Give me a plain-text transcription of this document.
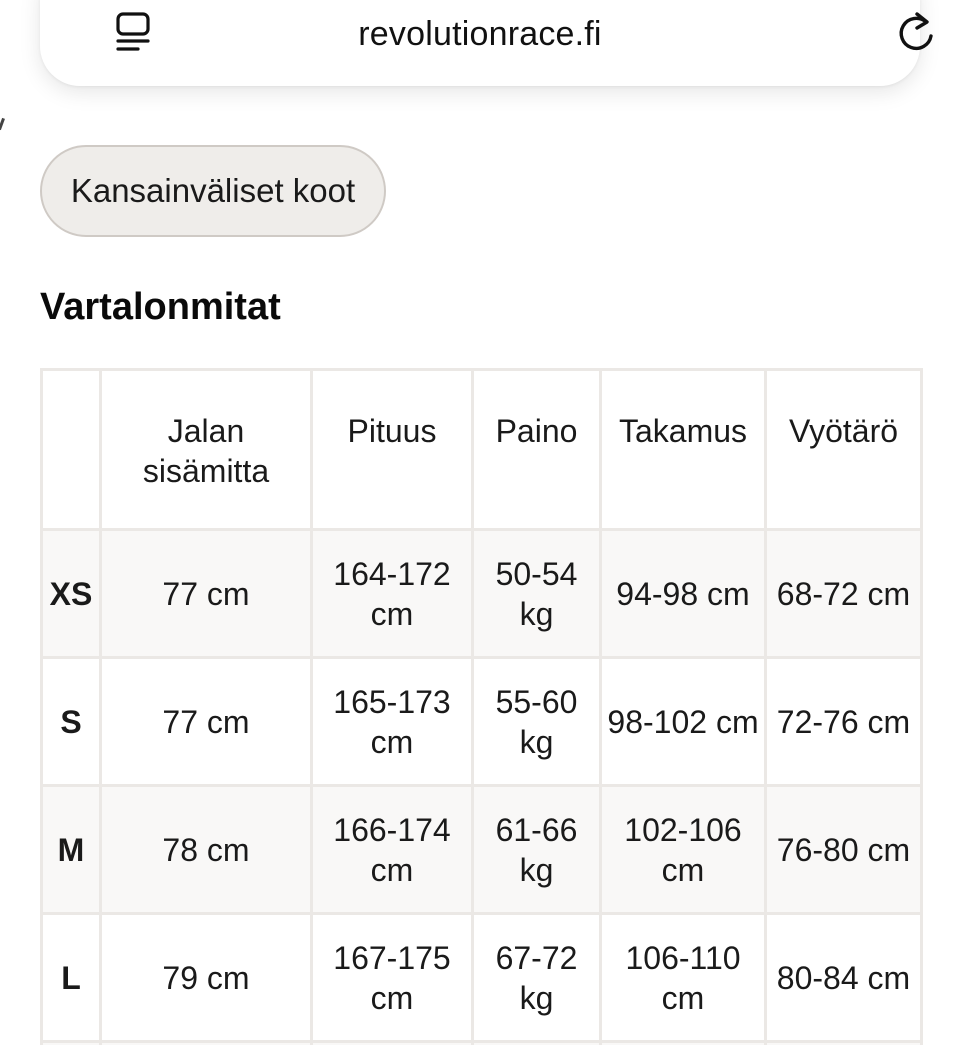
revolutionrace.fi
Kansainväliset koot
Vartalonmitat
	Jalan sisämitta	Pituus	Paino	Takamus	Vyötärö
XS	77 cm	164-172 cm	50-54 kg	94-98 cm	68-72 cm
S	77 cm	165-173 cm	55-60 kg	98-102 cm	72-76 cm
M	78 cm	166-174 cm	61-66 kg	102-106 cm	76-80 cm
L	79 cm	167-175 cm	67-72 kg	106-110 cm	80-84 cm
